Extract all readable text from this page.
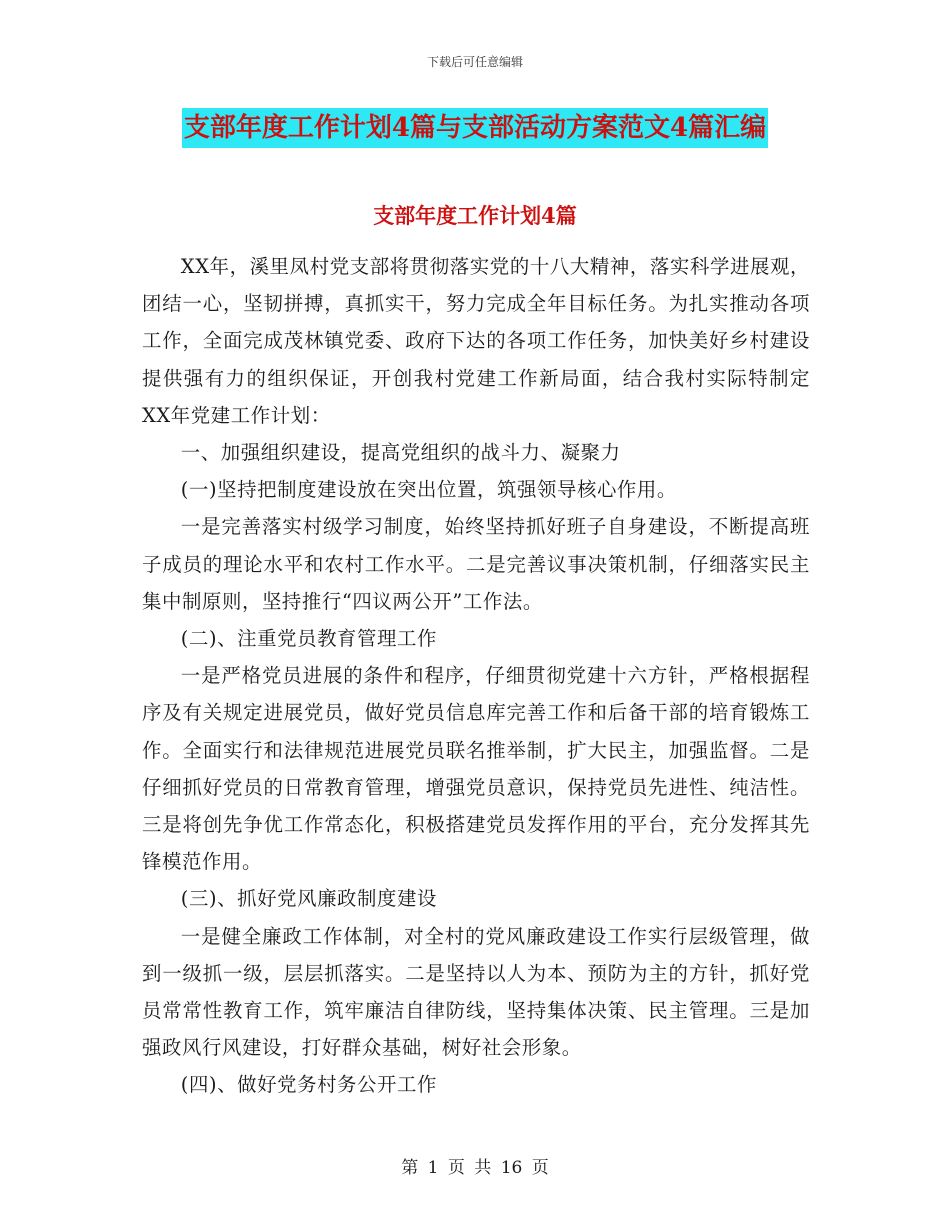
下载后可任意编辑
支部年度工作计划4篇与支部活动方案范文4篇汇编
支部年度工作计划4篇

XX年，溪里凤村党支部将贯彻落实党的十八大精神，落实科学进展观，团结一心，坚韧拼搏，真抓实干，努力完成全年目标任务。为扎实推动各项工作，全面完成茂林镇党委、政府下达的各项工作任务，加快美好乡村建设提供强有力的组织保证，开创我村党建工作新局面，结合我村实际特制定XX年党建工作计划：

一、加强组织建设，提高党组织的战斗力、凝聚力

(一)坚持把制度建设放在突出位置，筑强领导核心作用。

一是完善落实村级学习制度，始终坚持抓好班子自身建设，不断提高班子成员的理论水平和农村工作水平。二是完善议事决策机制，仔细落实民主集中制原则，坚持推行“四议两公开”工作法。

(二)、注重党员教育管理工作

一是严格党员进展的条件和程序，仔细贯彻党建十六方针，严格根据程序及有关规定进展党员，做好党员信息库完善工作和后备干部的培育锻炼工作。全面实行和法律规范进展党员联名推举制，扩大民主，加强监督。二是仔细抓好党员的日常教育管理，增强党员意识，保持党员先进性、纯洁性。三是将创先争优工作常态化，积极搭建党员发挥作用的平台，充分发挥其先锋模范作用。

(三)、抓好党风廉政制度建设

一是健全廉政工作体制，对全村的党风廉政建设工作实行层级管理，做到一级抓一级，层层抓落实。二是坚持以人为本、预防为主的方针，抓好党员常常性教育工作，筑牢廉洁自律防线，坚持集体决策、民主管理。三是加强政风行风建设，打好群众基础，树好社会形象。

(四)、做好党务村务公开工作

第 1 页 共 16 页
